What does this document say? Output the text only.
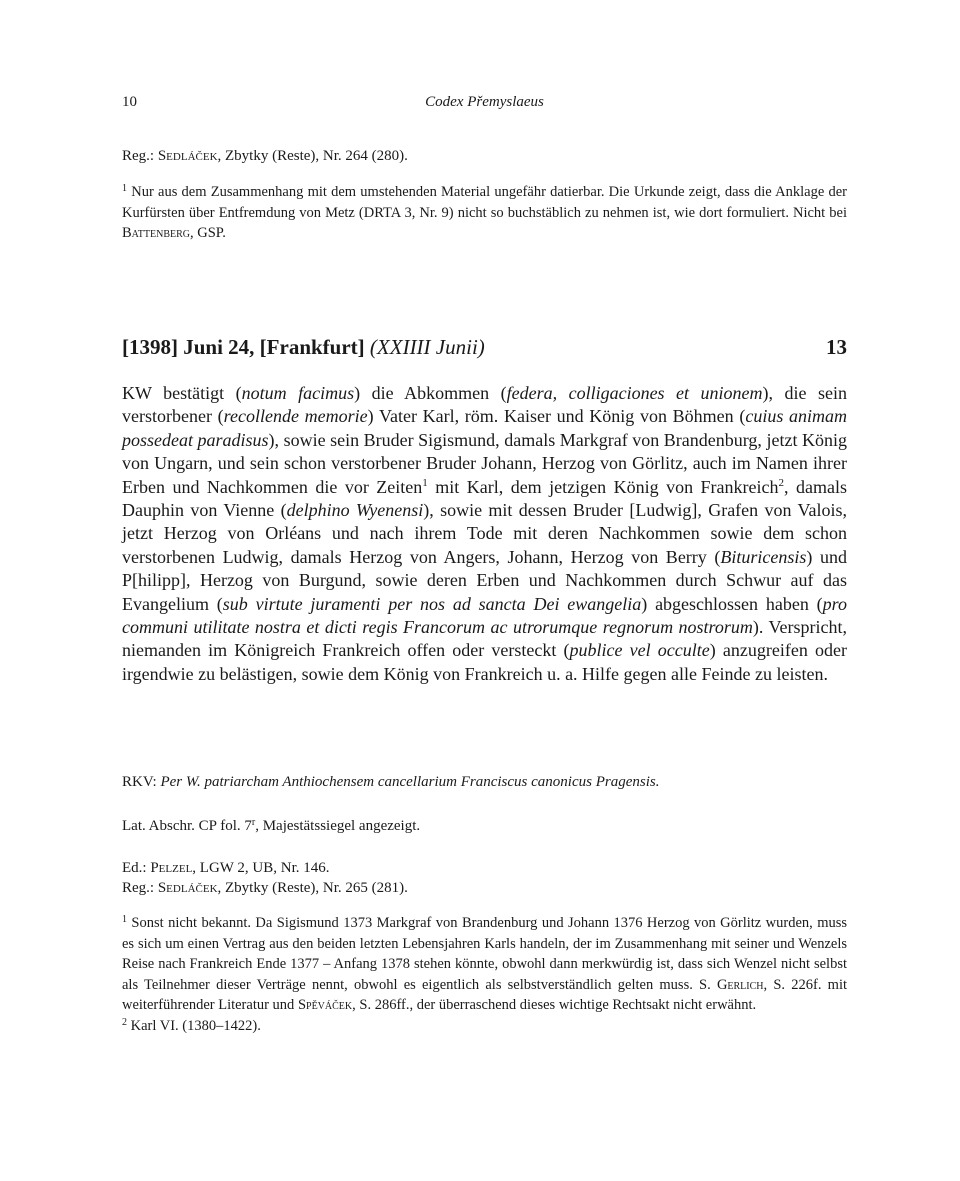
10	Codex Přemyslaeus
Reg.: Sedláček, Zbytky (Reste), Nr. 264 (280).

$^1$ Nur aus dem Zusammenhang mit dem umstehenden Material ungefähr datierbar. Die Urkunde zeigt, dass die Anklage der Kurfürsten über Entfremdung von Metz (DRTA 3, Nr. 9) nicht so buchstäblich zu nehmen ist, wie dort formuliert. Nicht bei Battenberg, GSP.

[1398] Juni 24, [Frankfurt] (XXIIII Junii)	13

KW bestätigt (notum facimus) die Abkommen (federa, colligaciones et unionem), die sein verstorbener (recollende memorie) Vater Karl, röm. Kaiser und König von Böhmen (cuius animam possedeat paradisus), sowie sein Bruder Sigismund, damals Markgraf von Brandenburg, jetzt König von Ungarn, und sein schon verstorbener Bruder Johann, Herzog von Görlitz, auch im Namen ihrer Erben und Nachkommen die vor Zeiten$^1$ mit Karl, dem jetzigen König von Frankreich$^2$, damals Dauphin von Vienne (delphino Wyenensi), sowie mit dessen Bruder [Ludwig], Grafen von Valois, jetzt Herzog von Orléans und nach ihrem Tode mit deren Nachkommen sowie dem schon verstorbenen Ludwig, damals Herzog von Angers, Johann, Herzog von Berry (Bituricensis) und P[hilipp], Herzog von Burgund, sowie deren Erben und Nachkommen durch Schwur auf das Evangelium (sub virtute juramenti per nos ad sancta Dei ewangelia) abgeschlossen haben (pro communi utilitate nostra et dicti regis Francorum ac utrorumque regnorum nostrorum). Verspricht, niemanden im Königreich Frankreich offen oder versteckt (publice vel occulte) anzugreifen oder irgendwie zu belästigen, sowie dem König von Frankreich u. a. Hilfe gegen alle Feinde zu leisten.

RKV: Per W. patriarcham Anthiochensem cancellarium Franciscus canonicus Pragensis.
Lat. Abschr. CP fol. 7$^r$, Majestätssiegel angezeigt.

Ed.: Pelzel, LGW 2, UB, Nr. 146.

Reg.: Sedláček, Zbytky (Reste), Nr. 265 (281).

$^1$ Sonst nicht bekannt. Da Sigismund 1373 Markgraf von Brandenburg und Johann 1376 Herzog von Görlitz wurden, muss es sich um einen Vertrag aus den beiden letzten Lebensjahren Karls handeln, der im Zusammenhang mit seiner und Wenzels Reise nach Frankreich Ende 1377 – Anfang 1378 stehen könnte, obwohl dann merkwürdig ist, dass sich Wenzel nicht selbst als Teilnehmer dieser Verträge nennt, obwohl es eigentlich als selbstverständlich gelten muss. S. Gerlich, S. 226f. mit weiterführender Literatur und Spěváček, S. 286ff., der überraschend dieses wichtige Rechtsakt nicht erwähnt.

$^2$ Karl VI. (1380–1422).
